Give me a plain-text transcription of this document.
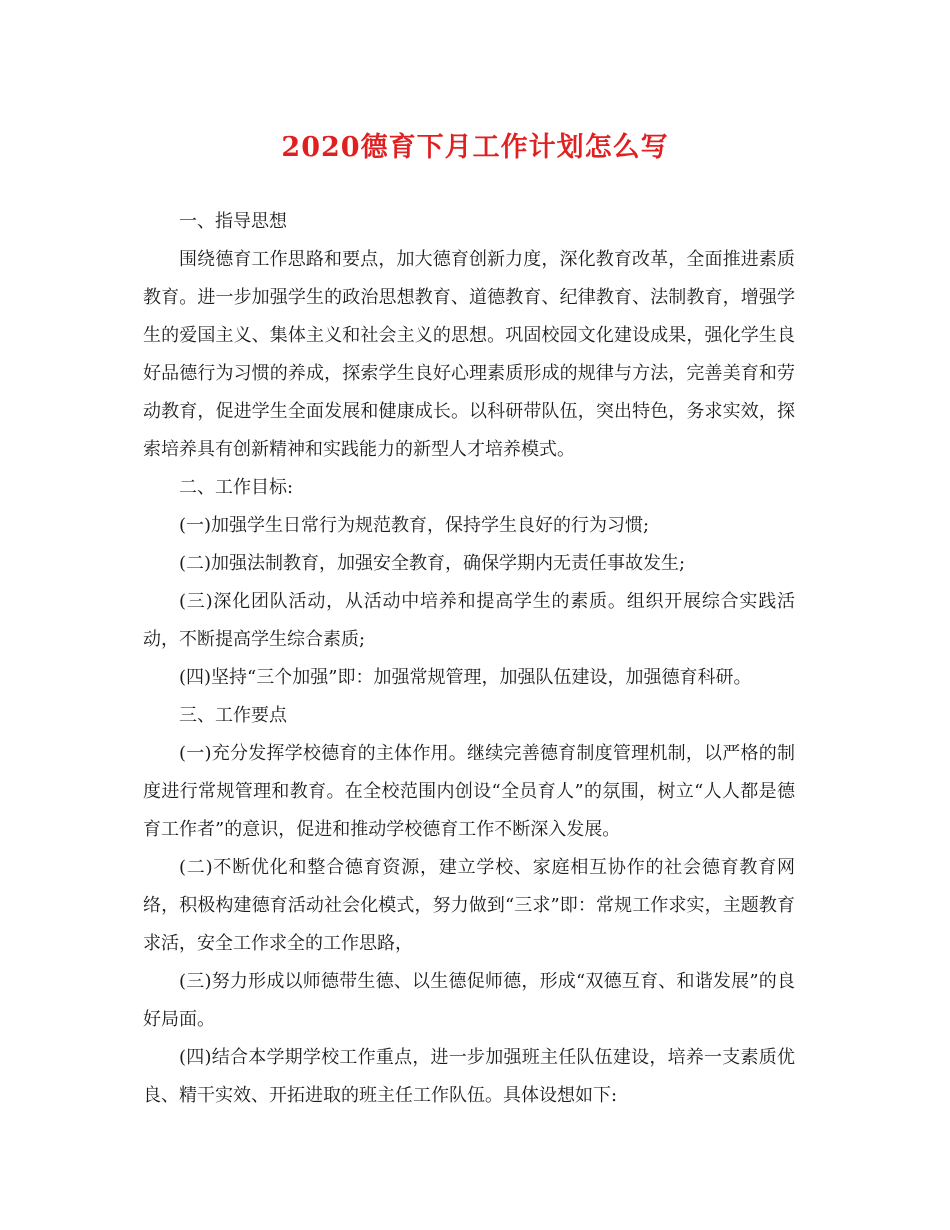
2020德育下月工作计划怎么写

一、指导思想

围绕德育工作思路和要点，加大德育创新力度，深化教育改革，全面推进素质教育。进一步加强学生的政治思想教育、道德教育、纪律教育、法制教育，增强学生的爱国主义、集体主义和社会主义的思想。巩固校园文化建设成果，强化学生良好品德行为习惯的养成，探索学生良好心理素质形成的规律与方法，完善美育和劳动教育，促进学生全面发展和健康成长。以科研带队伍，突出特色，务求实效，探索培养具有创新精神和实践能力的新型人才培养模式。

二、工作目标:

(一)加强学生日常行为规范教育，保持学生良好的行为习惯;

(二)加强法制教育，加强安全教育，确保学期内无责任事故发生;

(三)深化团队活动，从活动中培养和提高学生的素质。组织开展综合实践活动，不断提高学生综合素质;

(四)坚持“三个加强”即：加强常规管理，加强队伍建设，加强德育科研。

三、工作要点

(一)充分发挥学校德育的主体作用。继续完善德育制度管理机制，以严格的制度进行常规管理和教育。在全校范围内创设“全员育人”的氛围，树立“人人都是德育工作者”的意识，促进和推动学校德育工作不断深入发展。

(二)不断优化和整合德育资源，建立学校、家庭相互协作的社会德育教育网络，积极构建德育活动社会化模式，努力做到“三求”即：常规工作求实，主题教育求活，安全工作求全的工作思路，

(三)努力形成以师德带生德、以生德促师德，形成“双德互育、和谐发展”的良好局面。

(四)结合本学期学校工作重点，进一步加强班主任队伍建设，培养一支素质优良、精干实效、开拓进取的班主任工作队伍。具体设想如下:
